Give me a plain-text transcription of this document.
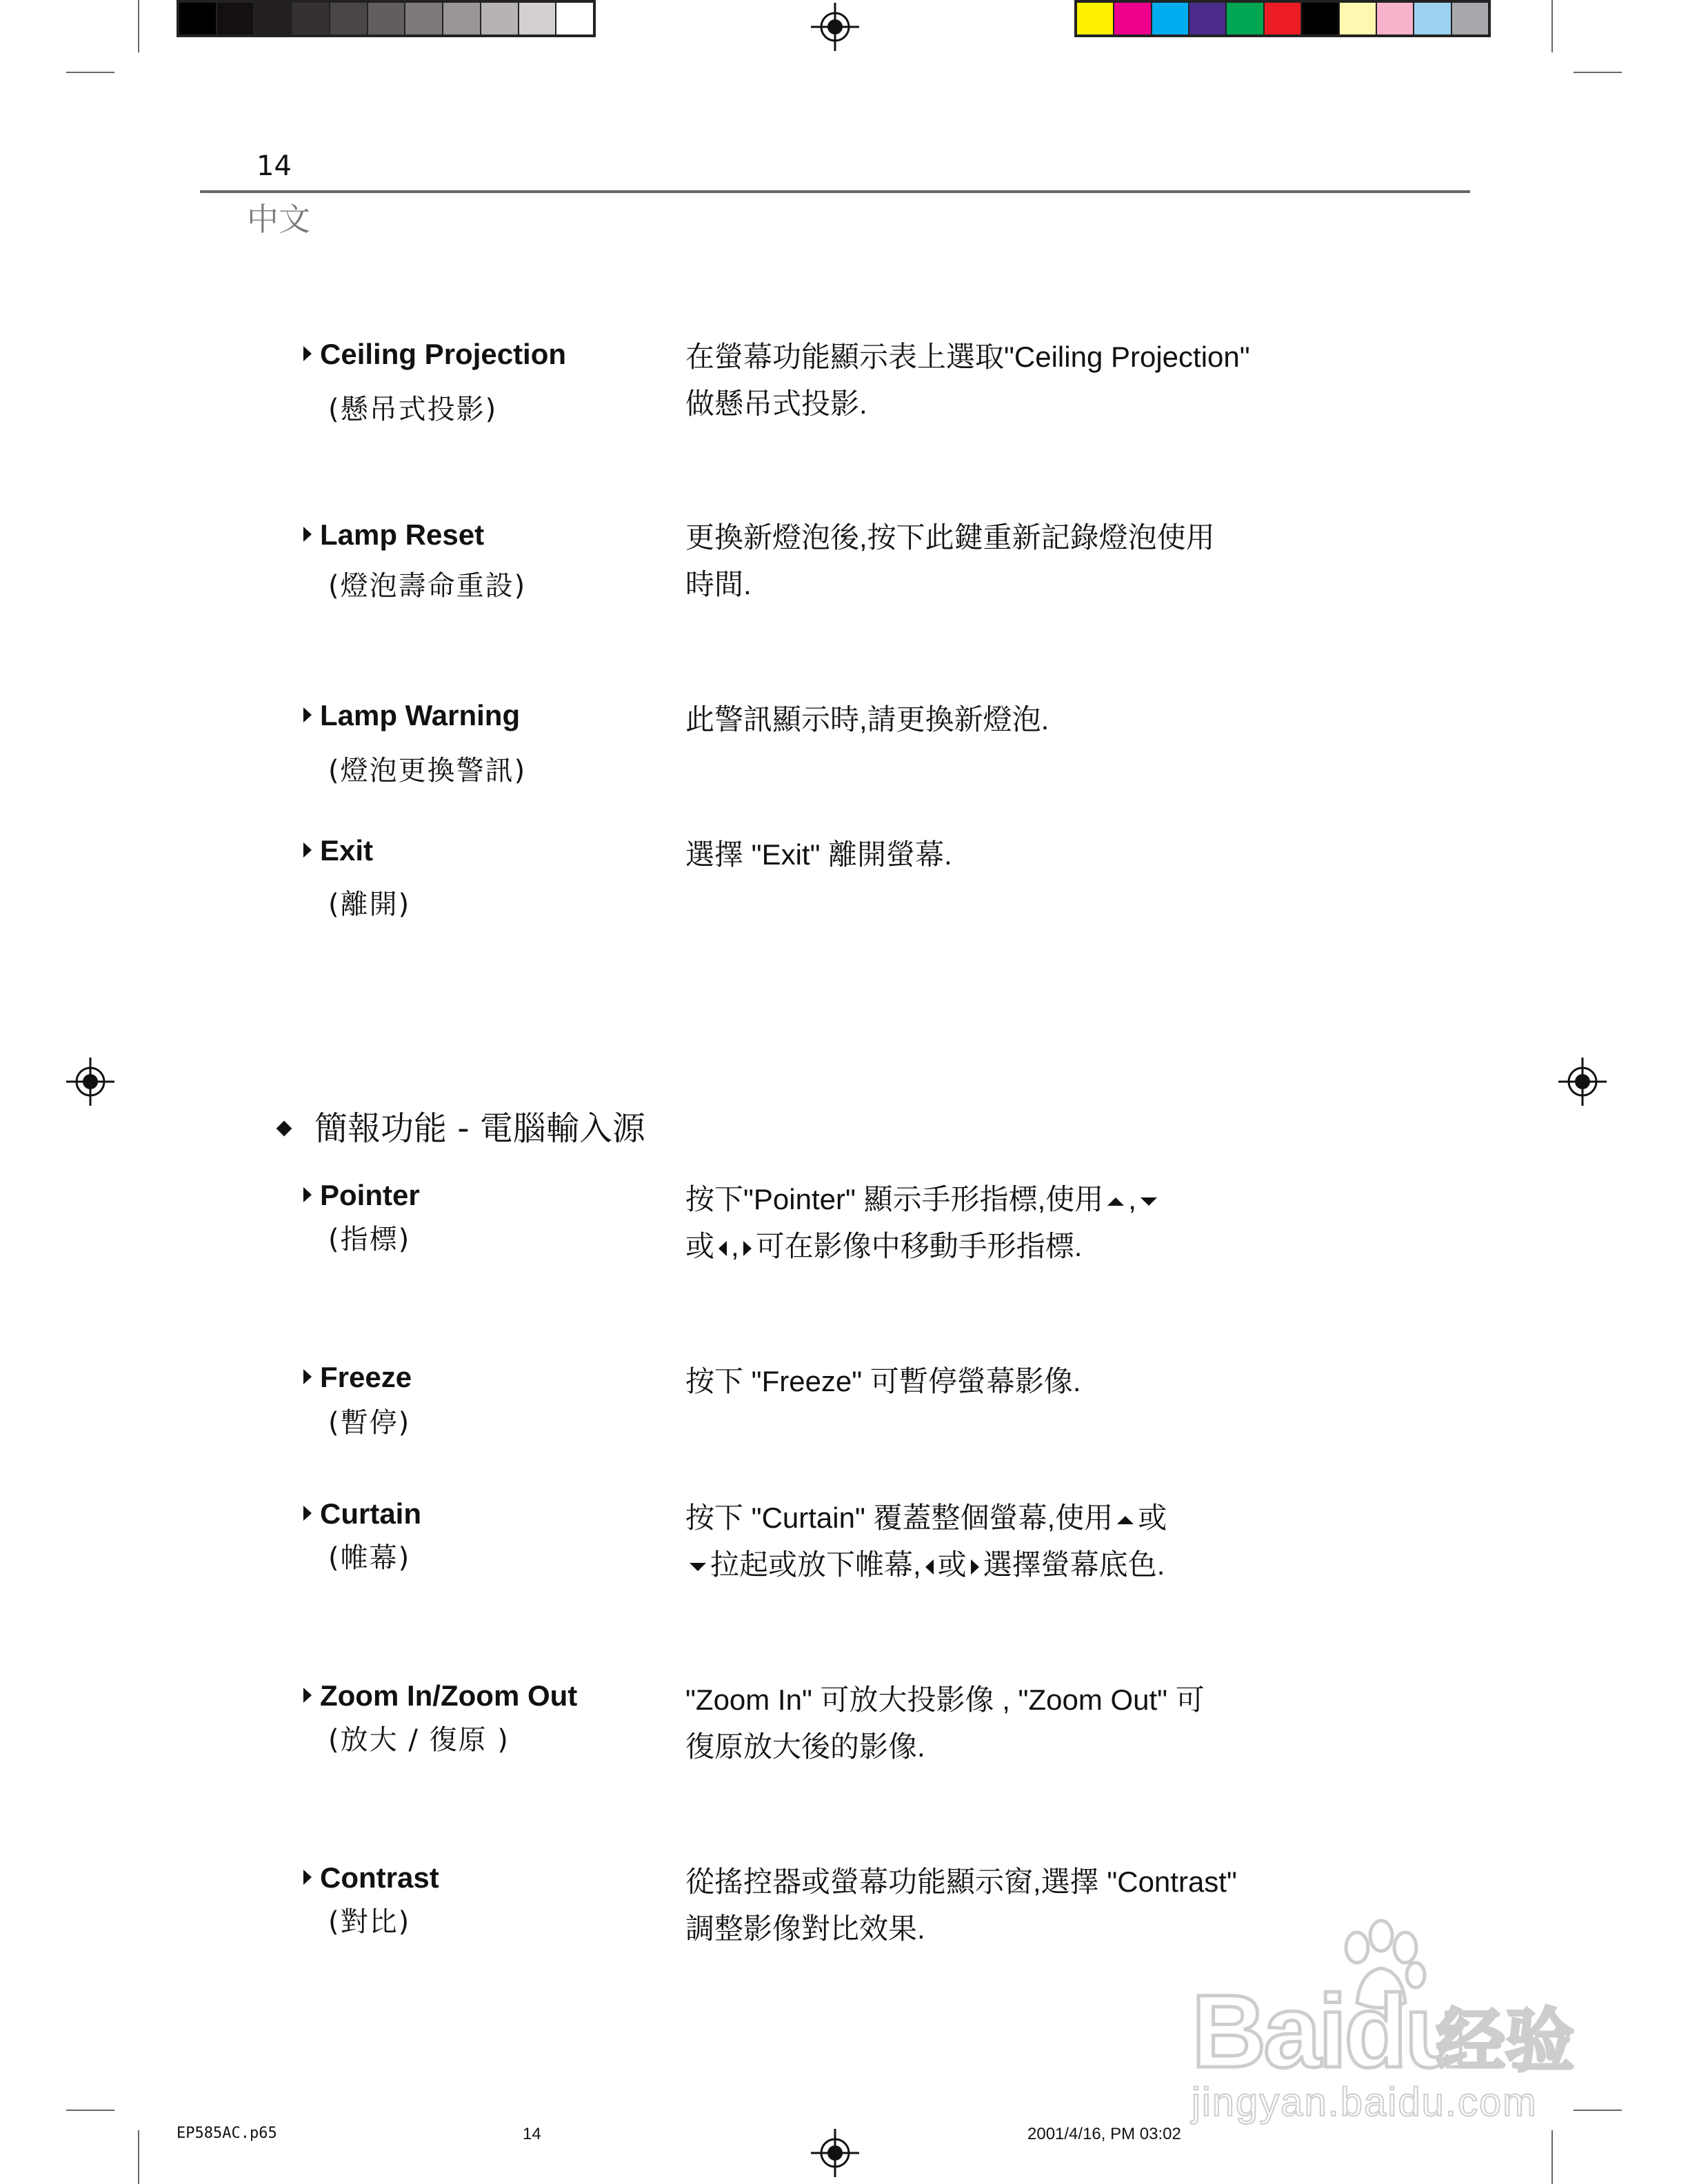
14
中文
Ceiling Projection
(懸吊式投影)
在螢幕功能顯示表上選取"Ceiling Projection"
做懸吊式投影.
Lamp Reset
(燈泡壽命重設)
更換新燈泡後,按下此鍵重新記錄燈泡使用
時間.
Lamp Warning
(燈泡更換警訊)
此警訊顯示時,請更換新燈泡.
Exit
(離開)
選擇 "Exit" 離開螢幕.
簡報功能 - 電腦輸入源
Pointer
(指標)
按下"Pointer" 顯示手形指標,使用 ,
或 , 可在影像中移動手形指標.
Freeze
(暫停)
按下 "Freeze" 可暫停螢幕影像.
Curtain
(帷幕)
按下 "Curtain" 覆蓋整個螢幕,使用 或
拉起或放下帷幕, 或 選擇螢幕底色.
Zoom In/Zoom Out
(放大 / 復原 )
"Zoom In" 可放大投影像 , "Zoom Out" 可
復原放大後的影像.
Contrast
(對比)
從搖控器或螢幕功能顯示窗,選擇 "Contrast"
調整影像對比效果.
Baidu
经验
jingyan.baidu.com
EP585AC.p65	14	2001/4/16, PM 03:02
